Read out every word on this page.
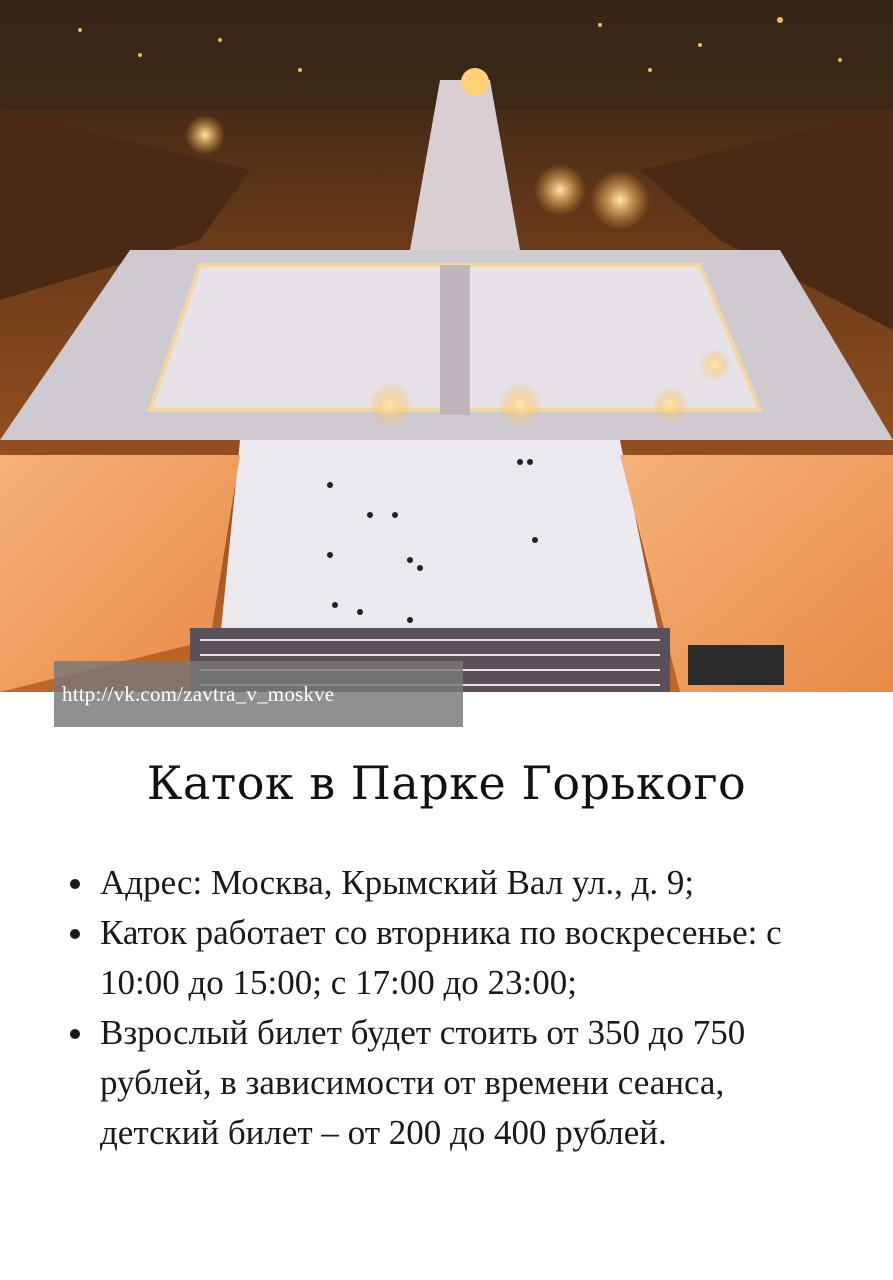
http://vk.com/zavtra_v_moskve
Каток в Парке Горького
Адрес: Москва, Крымский Вал ул., д. 9;
Каток работает со вторника по воскресенье: с 10:00 до 15:00; с 17:00 до 23:00;
Взрослый билет будет стоить от 350 до 750 рублей, в зависимости от времени сеанса, детский билет – от 200 до 400 рублей.
